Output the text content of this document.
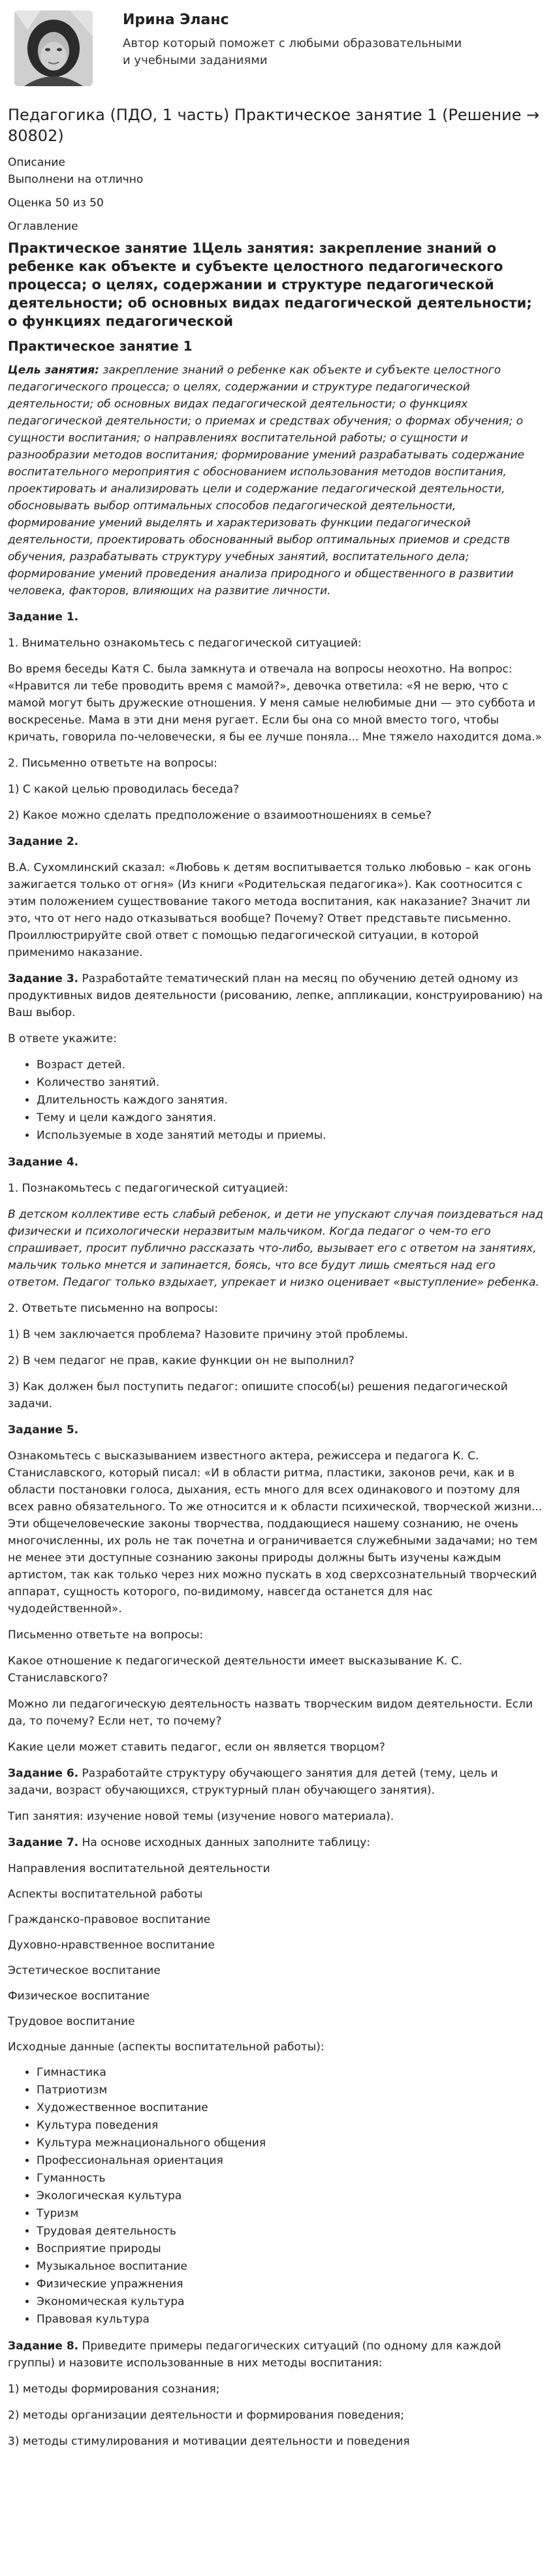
Ирина Эланс
Автор который поможет с любыми образовательными и учебными заданиями
Педагогика (ПДО, 1 часть) Практическое занятие 1 (Решение → 80802)

Описание

Выполнени на отлично

Оценка 50 из 50

Оглавление

Практическое занятие 1Цель занятия: закрепление знаний о ребенке как объекте и субъекте целостного педагогического процесса; о целях, содержании и структуре педагогической деятельности; об основных видах педагогической деятельности; о функциях педагогической
Практическое занятие 1

Цель занятия: закрепление знаний о ребенке как объекте и субъекте целостного педагогического процесса; о целях, содержании и структуре педагогической деятельности; об основных видах педагогической деятельности; о функциях педагогической деятельности; о приемах и средствах обучения; о формах обучения; о сущности воспитания; о направлениях воспитательной работы; о сущности и разнообразии методов воспитания; формирование умений разрабатывать содержание воспитательного мероприятия с обоснованием использования методов воспитания, проектировать и анализировать цели и содержание педагогической деятельности, обосновывать выбор оптимальных способов педагогической деятельности, формирование умений выделять и характеризовать функции педагогической деятельности, проектировать обоснованный выбор оптимальных приемов и средств обучения, разрабатывать структуру учебных занятий, воспитательного дела; формирование умений проведения анализа природного и общественного в развитии человека, факторов, влияющих на развитие личности.

Задание 1.

1. Внимательно ознакомьтесь с педагогической ситуацией:

Во время беседы Катя С. была замкнута и отвечала на вопросы неохотно. На вопрос: «Нравится ли тебе проводить время с мамой?», девочка ответила: «Я не верю, что с мамой могут быть дружеские отношения. У меня самые нелюбимые дни — это суббота и воскресенье. Мама в эти дни меня ругает. Если бы она со мной вместо того, чтобы кричать, говорила по-человечески, я бы ее лучше поняла... Мне тяжело находится дома.»

2. Письменно ответьте на вопросы:

1) С какой целью проводилась беседа?

2) Какое можно сделать предположение о взаимоотношениях в семье?

Задание 2.

В.А. Сухомлинский сказал: «Любовь к детям воспитывается только любовью – как огонь зажигается только от огня» (Из книги «Родительская педагогика»). Как соотносится с этим положением существование такого метода воспитания, как наказание? Значит ли это, что от него надо отказываться вообще? Почему? Ответ представьте письменно. Проиллюстрируйте свой ответ с помощью педагогической ситуации, в которой применимо наказание.

Задание 3. Разработайте тематический план на месяц по обучению детей одному из продуктивных видов деятельности (рисованию, лепке, аппликации, конструированию) на Ваш выбор.

В ответе укажите:

• Возраст детей.
• Количество занятий.
• Длительность каждого занятия.
• Тему и цели каждого занятия.
• Используемые в ходе занятий методы и приемы.

Задание 4.

1. Познакомьтесь с педагогической ситуацией:

В детском коллективе есть слабый ребенок, и дети не упускают случая поиздеваться над физически и психологически неразвитым мальчиком. Когда педагог о чем-то его спрашивает, просит публично рассказать что-либо, вызывает его с ответом на занятиях, мальчик только мнется и запинается, боясь, что все будут лишь смеяться над его ответом. Педагог только вздыхает, упрекает и низко оценивает «выступление» ребенка.

2. Ответьте письменно на вопросы:

1) В чем заключается проблема? Назовите причину этой проблемы.

2) В чем педагог не прав, какие функции он не выполнил?

3) Как должен был поступить педагог: опишите способ(ы) решения педагогической задачи.

Задание 5.

Ознакомьтесь с высказыванием известного актера, режиссера и педагога К. С. Станиславского, который писал: «И в области ритма, пластики, законов речи, как и в области постановки голоса, дыхания, есть много для всех одинакового и поэтому для всех равно обязательного. То же относится и к области психической, творческой жизни... Эти общечеловеческие законы творчества, поддающиеся нашему сознанию, не очень многочисленны, их роль не так почетна и ограничивается служебными задачами; но тем не менее эти доступные сознанию законы природы должны быть изучены каждым артистом, так как только через них можно пускать в ход сверхсознательный творческий аппарат, сущность которого, по-видимому, навсегда останется для нас чудодейственной».

Письменно ответьте на вопросы:

Какое отношение к педагогической деятельности имеет высказывание К. С. Станиславского?

Можно ли педагогическую деятельность назвать творческим видом деятельности. Если да, то почему? Если нет, то почему?

Какие цели может ставить педагог, если он является творцом?

Задание 6. Разработайте структуру обучающего занятия для детей (тему, цель и задачи, возраст обучающихся, структурный план обучающего занятия).

Тип занятия: изучение новой темы (изучение нового материала).

Задание 7. На основе исходных данных заполните таблицу:

Направления воспитательной деятельности

Аспекты воспитательной работы

Гражданско-правовое воспитание

Духовно-нравственное воспитание

Эстетическое воспитание

Физическое воспитание

Трудовое воспитание

Исходные данные (аспекты воспитательной работы):

• Гимнастика
• Патриотизм
• Художественное воспитание
• Культура поведения
• Культура межнационального общения
• Профессиональная ориентация
• Гуманность
• Экологическая культура
• Туризм
• Трудовая деятельность
• Восприятие природы
• Музыкальное воспитание
• Физические упражнения
• Экономическая культура
• Правовая культура

Задание 8. Приведите примеры педагогических ситуаций (по одному для каждой группы) и назовите использованные в них методы воспитания:

1) методы формирования сознания;

2) методы организации деятельности и формирования поведения;

3) методы стимулирования и мотивации деятельности и поведения
